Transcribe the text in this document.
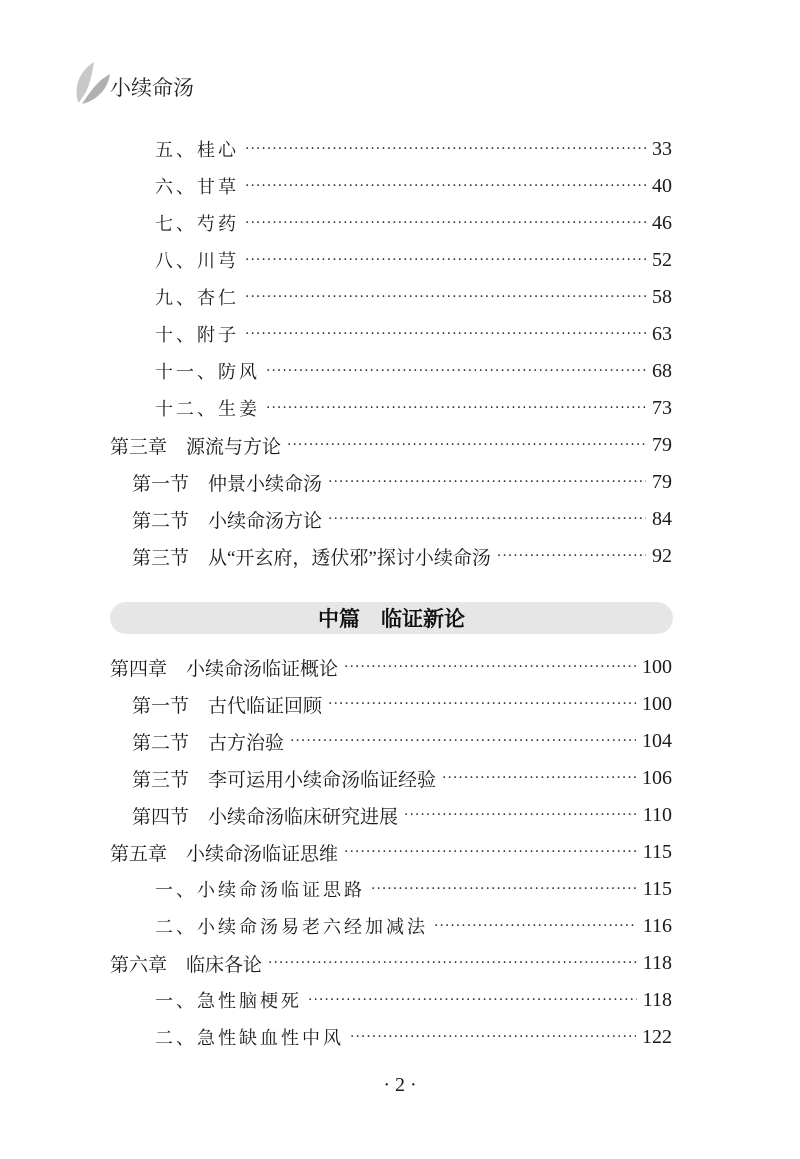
小续命汤
五、桂心 ·····	33
六、甘草 ·····	40
七、芍药 ·····	46
八、川芎 ·····	52
九、杏仁 ·····	58
十、附子 ·····	63
十一、防风 ·····	68
十二、生姜 ·····	73
第三章　源流与方论 ·····	79
第一节　仲景小续命汤 ·····	79
第二节　小续命汤方论 ·····	84
第三节　从“开玄府，透伏邪”探讨小续命汤 ·····	92
第四章　小续命汤临证概论 ·····	100
第一节　古代临证回顾 ·····	100
第二节　古方治验 ·····	104
第三节　李可运用小续命汤临证经验 ·····	106
第四节　小续命汤临床研究进展 ·····	110
第五章　小续命汤临证思维 ·····	115
一、小续命汤临证思路 ·····	115
二、小续命汤易老六经加减法 ·····	116
第六章　临床各论 ·····	118
一、急性脑梗死 ·····	118
二、急性缺血性中风 ·····	122
中篇　临证新论
· 2 ·
